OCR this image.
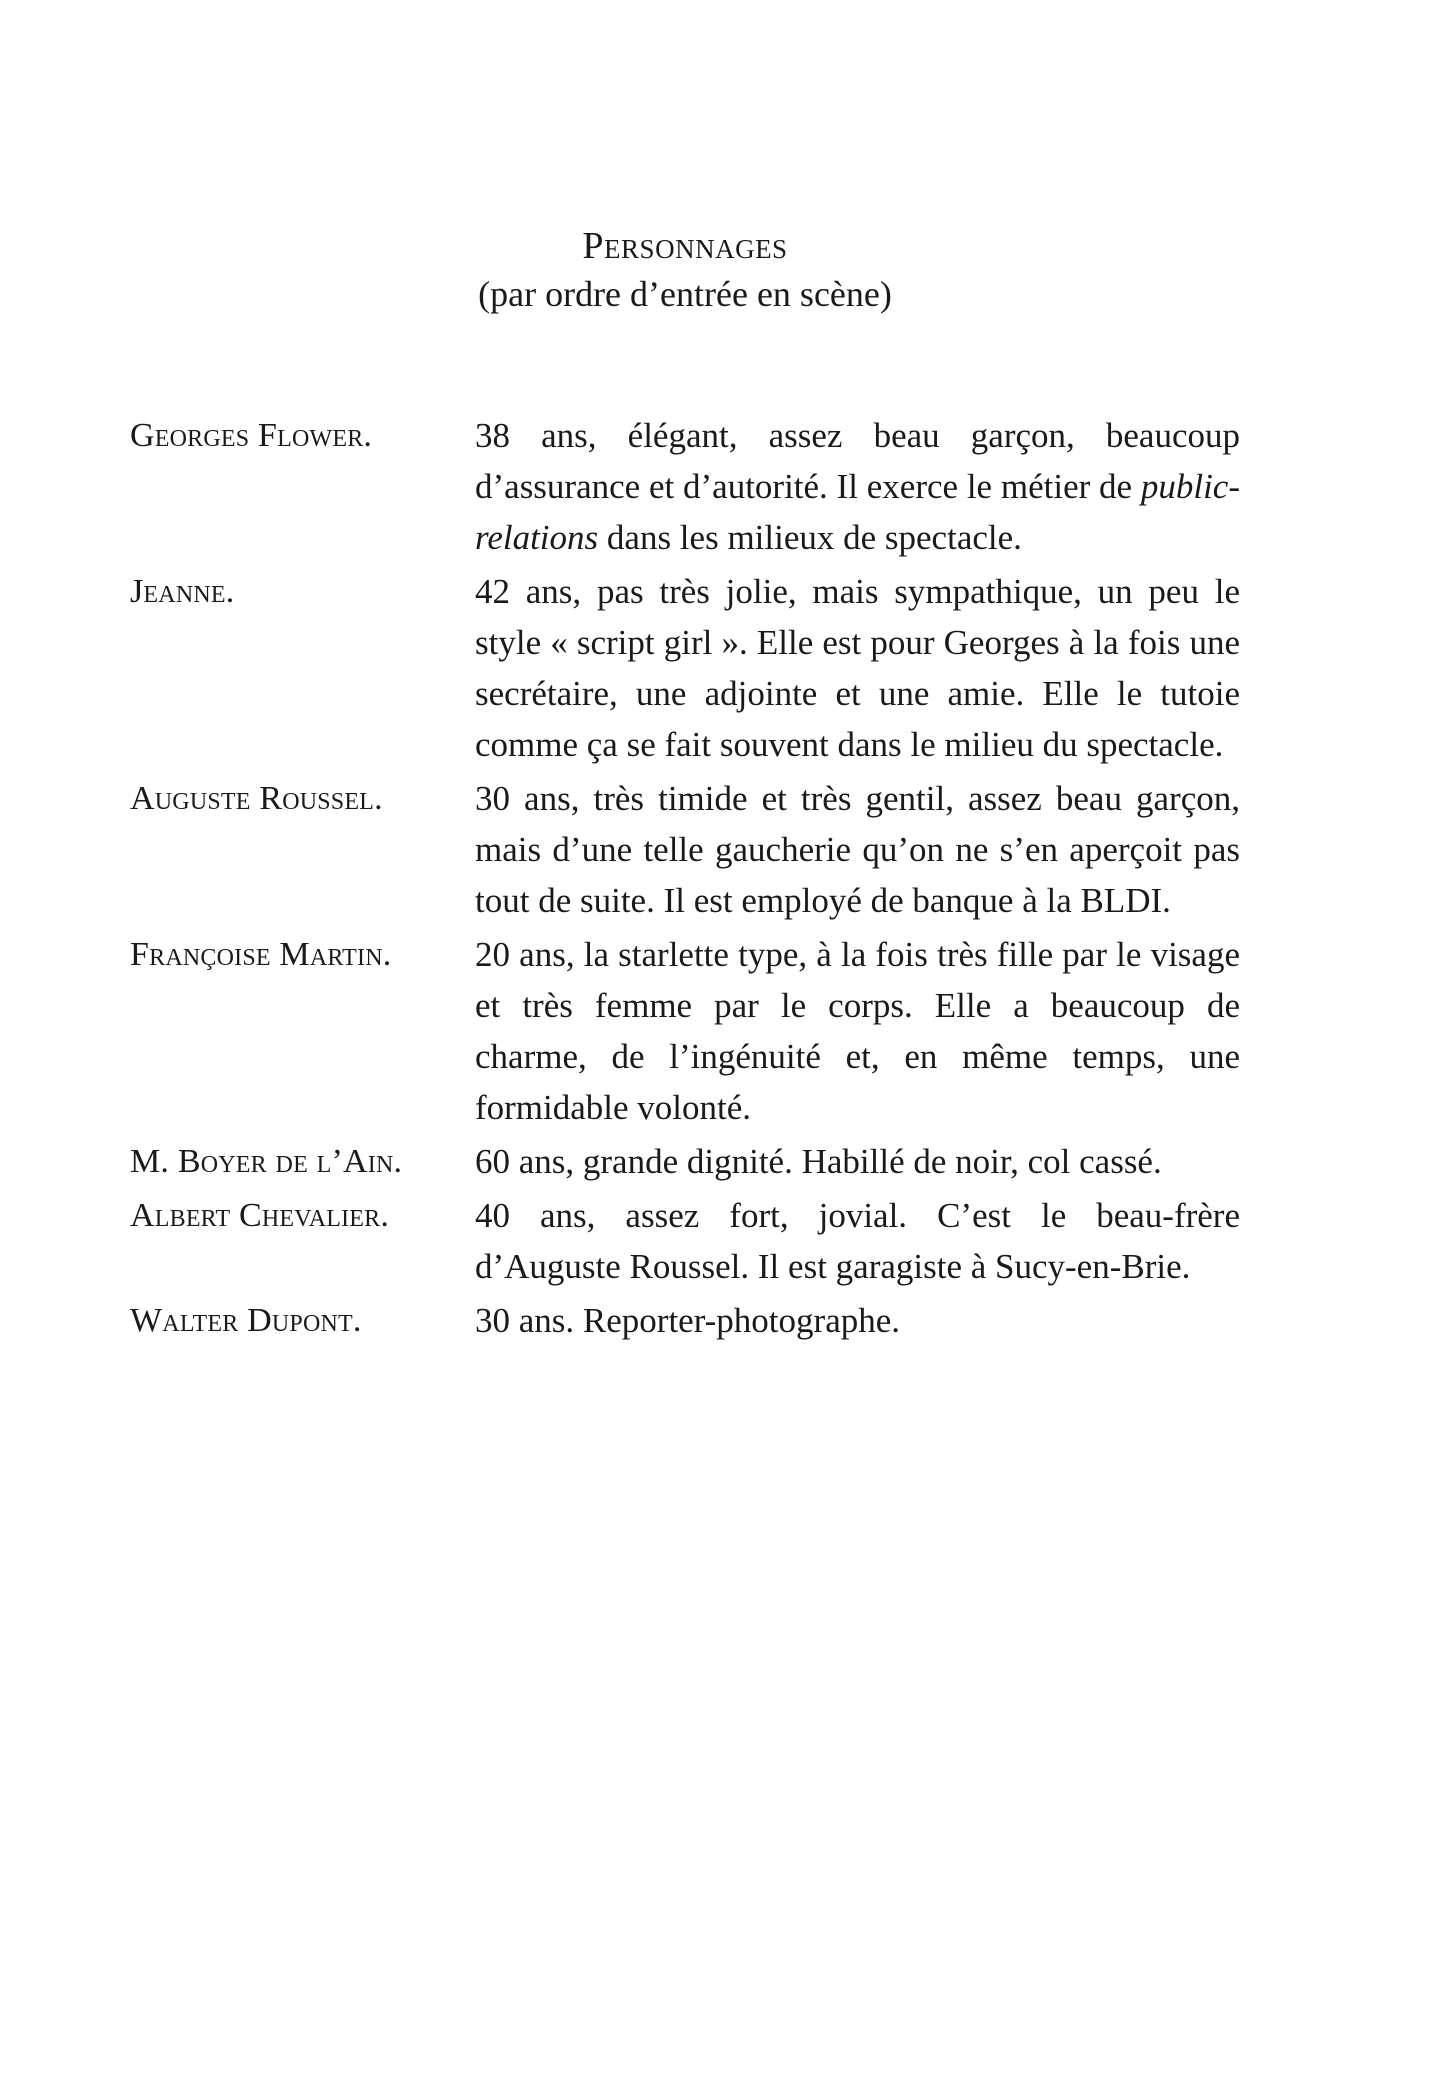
Personnages
(par ordre d’entrée en scène)
Georges Flower.	38 ans, élégant, assez beau garçon, beaucoup d’assurance et d’autorité. Il exerce le métier de public-relations dans les milieux de spectacle.
Jeanne.	42 ans, pas très jolie, mais sympathique, un peu le style « script girl ». Elle est pour Georges à la fois une secrétaire, une adjointe et une amie. Elle le tutoie comme ça se fait souvent dans le milieu du spectacle.
Auguste Roussel.	30 ans, très timide et très gentil, assez beau garçon, mais d’une telle gaucherie qu’on ne s’en aperçoit pas tout de suite. Il est employé de banque à la BLDI.
Françoise Martin.	20 ans, la starlette type, à la fois très fille par le visage et très femme par le corps. Elle a beaucoup de charme, de l’ingénuité et, en même temps, une formidable volonté.
M. Boyer de l’Ain.	60 ans, grande dignité. Habillé de noir, col cassé.
Albert Chevalier.	40 ans, assez fort, jovial. C’est le beau-frère d’Auguste Roussel. Il est garagiste à Sucy-en-Brie.
Walter Dupont.	30 ans. Reporter-photographe.
